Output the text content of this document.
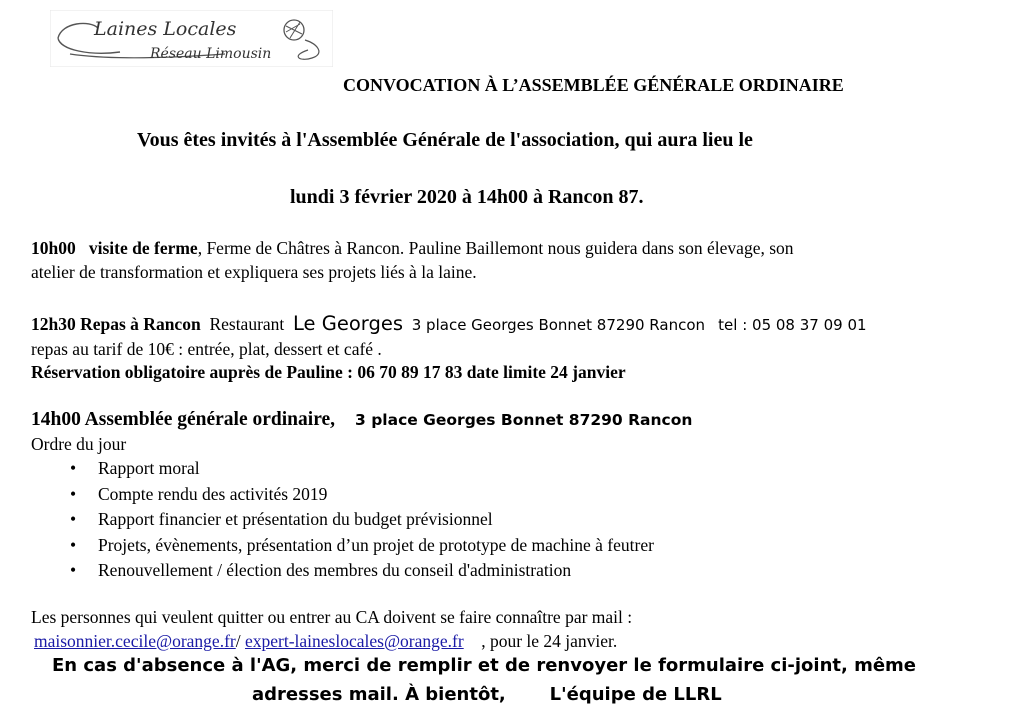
Laines Locales
Réseau Limousin
CONVOCATION À L’ASSEMBLÉE GÉNÉRALE ORDINAIRE
Vous êtes invités à l'Assemblée Générale de l'association, qui aura lieu le
lundi 3 février 2020 à 14h00 à Rancon 87.
10h00 visite de ferme, Ferme de Châtres à Rancon. Pauline Baillemont nous guidera dans son élevage, son
atelier de transformation et expliquera ses projets liés à la laine.
12h30 Repas à Rancon Restaurant Le Georges 3 place Georges Bonnet 87290 Rancon tel : 05 08 37 09 01
repas au tarif de 10€ : entrée, plat, dessert et café .
Réservation obligatoire auprès de Pauline : 06 70 89 17 83 date limite 24 janvier
14h00 Assemblée générale ordinaire, 3 place Georges Bonnet 87290 Rancon
Ordre du jour
• Rapport moral
• Compte rendu des activités 2019
• Rapport financier et présentation du budget prévisionnel
• Projets, évènements, présentation d’un projet de prototype de machine à feutrer
• Renouvellement / élection des membres du conseil d'administration
Les personnes qui veulent quitter ou entrer au CA doivent se faire connaître par mail :
maisonnier.cecile@orange.fr/ expert-laineslocales@orange.fr    , pour le 24 janvier.
En cas d'absence à l'AG, merci de remplir et de renvoyer le formulaire ci-joint, même
adresses mail. À bientôt, L'équipe de LLRL
